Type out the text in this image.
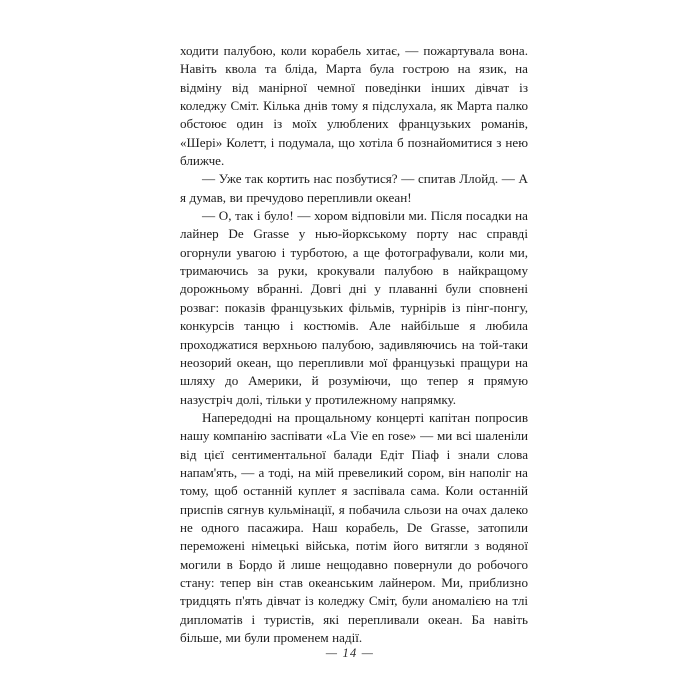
ходити палубою, коли корабель хитає, — пожартувала вона. Навіть квола та бліда, Марта була гострою на язик, на відміну від манірної чемної поведінки інших дівчат із коледжу Сміт. Кілька днів тому я підслухала, як Марта палко обстоює один із моїх улюблених французьких романів, «Шері» Колетт, і подумала, що хотіла б познайомитися з нею ближче.

— Уже так кортить нас позбутися? — спитав Ллойд. — А я думав, ви пречудово перепливли океан!

— О, так і було! — хором відповіли ми. Після посадки на лайнер De Grasse у нью-йоркському порту нас справді огорнули увагою і турботою, а ще фотографували, коли ми, тримаючись за руки, крокували палубою в найкращому дорожньому вбранні. Довгі дні у плаванні були сповнені розваг: показів французьких фільмів, турнірів із пінг-понгу, конкурсів танцю і костюмів. Але найбільше я любила проходжатися верхньою палубою, задивляючись на той-таки неозорий океан, що перепливли мої французькі пращури на шляху до Америки, й розуміючи, що тепер я прямую назустріч долі, тільки у протилежному напрямку.

Напередодні на прощальному концерті капітан попросив нашу компанію заспівати «La Vie en rose» — ми всі шаленіли від цієї сентиментальної балади Едіт Піаф і знали слова напам'ять, — а тоді, на мій превеликий сором, він наполіг на тому, щоб останній куплет я заспівала сама. Коли останній приспів сягнув кульмінації, я побачила сльози на очах далеко не одного пасажира. Наш корабель, De Grasse, затопили переможені німецькі війська, потім його витягли з водяної могили в Бордо й лише нещодавно повернули до робочого стану: тепер він став океанським лайнером. Ми, приблизно тридцять п'ять дівчат із коледжу Сміт, були аномалією на тлі дипломатів і туристів, які перепливали океан. Ба навіть більше, ми були променем надії.

— 14 —
